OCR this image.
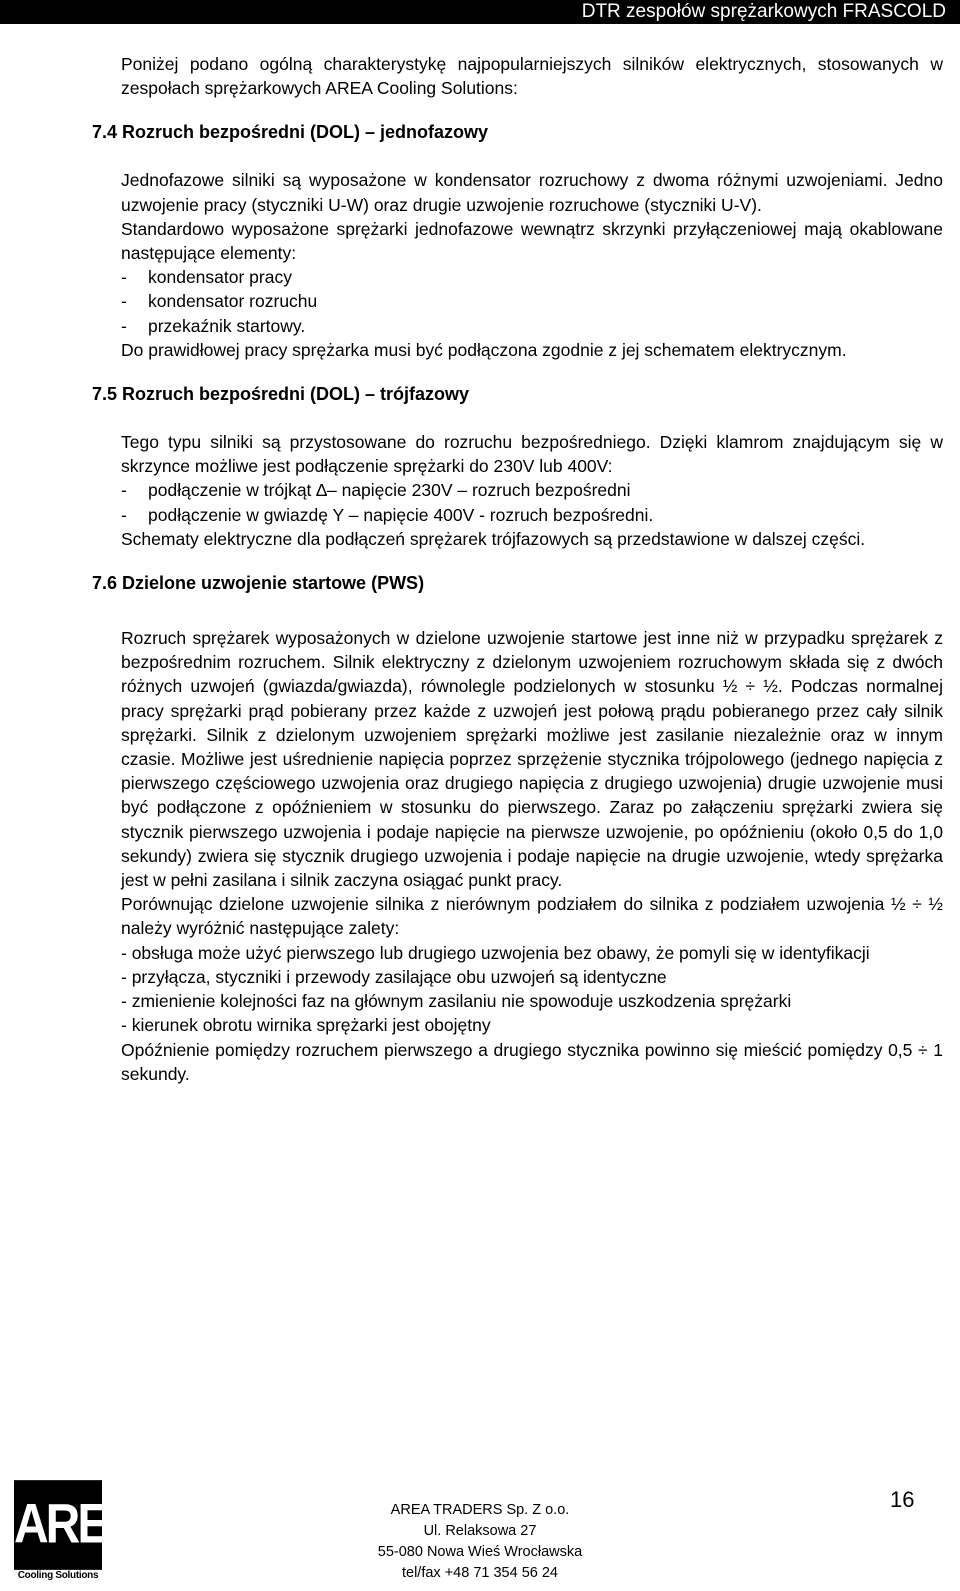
DTR zespołów sprężarkowych FRASCOLD

Poniżej podano ogólną charakterystykę najpopularniejszych silników elektrycznych, stosowanych w zespołach sprężarkowych AREA Cooling Solutions:

7.4 Rozruch bezpośredni (DOL) – jednofazowy

Jednofazowe silniki są wyposażone w kondensator rozruchowy z dwoma różnymi uzwojeniami. Jedno uzwojenie pracy (styczniki U-W) oraz drugie uzwojenie rozruchowe (styczniki U-V).

Standardowo wyposażone sprężarki jednofazowe wewnątrz skrzynki przyłączeniowej mają okablowane następujące elementy:

- kondensator pracy

- kondensator rozruchu

- przekaźnik startowy.

Do prawidłowej pracy sprężarka musi być podłączona zgodnie z jej schematem elektrycznym.

7.5 Rozruch bezpośredni (DOL) – trójfazowy

Tego typu silniki są przystosowane do rozruchu bezpośredniego. Dzięki klamrom znajdującym się w skrzynce możliwe jest podłączenie sprężarki do 230V lub 400V:

- podłączenie w trójkąt ∆– napięcie 230V – rozruch bezpośredni

- podłączenie w gwiazdę Y – napięcie 400V - rozruch bezpośredni.

Schematy elektryczne dla podłączeń sprężarek trójfazowych są przedstawione w dalszej części.

7.6 Dzielone uzwojenie startowe (PWS)

Rozruch sprężarek wyposażonych w dzielone uzwojenie startowe jest inne niż w przypadku sprężarek z bezpośrednim rozruchem. Silnik elektryczny z dzielonym uzwojeniem rozruchowym składa się z dwóch różnych uzwojeń (gwiazda/gwiazda), równolegle podzielonych w stosunku ½ ÷ ½. Podczas normalnej pracy sprężarki prąd pobierany przez każde z uzwojeń jest połową prądu pobieranego przez cały silnik sprężarki. Silnik z dzielonym uzwojeniem sprężarki możliwe jest zasilanie niezależnie oraz w innym czasie. Możliwe jest uśrednienie napięcia poprzez sprzężenie stycznika trójpolowego (jednego napięcia z pierwszego częściowego uzwojenia oraz drugiego napięcia z drugiego uzwojenia) drugie uzwojenie musi być podłączone z opóźnieniem w stosunku do pierwszego. Zaraz po załączeniu sprężarki zwiera się stycznik pierwszego uzwojenia i podaje napięcie na pierwsze uzwojenie, po opóźnieniu (około 0,5 do 1,0 sekundy) zwiera się stycznik drugiego uzwojenia i podaje napięcie na drugie uzwojenie, wtedy sprężarka jest w pełni zasilana i silnik zaczyna osiągać punkt pracy.

Porównując dzielone uzwojenie silnika z nierównym podziałem do silnika z podziałem uzwojenia ½ ÷ ½ należy wyróżnić następujące zalety:

- obsługa może użyć pierwszego lub drugiego uzwojenia bez obawy, że pomyli się w identyfikacji

- przyłącza, styczniki i przewody zasilające obu uzwojeń są identyczne

- zmienienie kolejności faz na głównym zasilaniu nie spowoduje uszkodzenia sprężarki

- kierunek obrotu wirnika sprężarki jest obojętny

Opóźnienie pomiędzy rozruchem pierwszego a drugiego stycznika powinno się mieścić pomiędzy 0,5 ÷ 1 sekundy.

AREA
Cooling Solutions
AREA TRADERS Sp. Z o.o.
Ul. Relaksowa 27
55-080 Nowa Wieś Wrocławska
tel/fax +48 71 354 56 24
16
